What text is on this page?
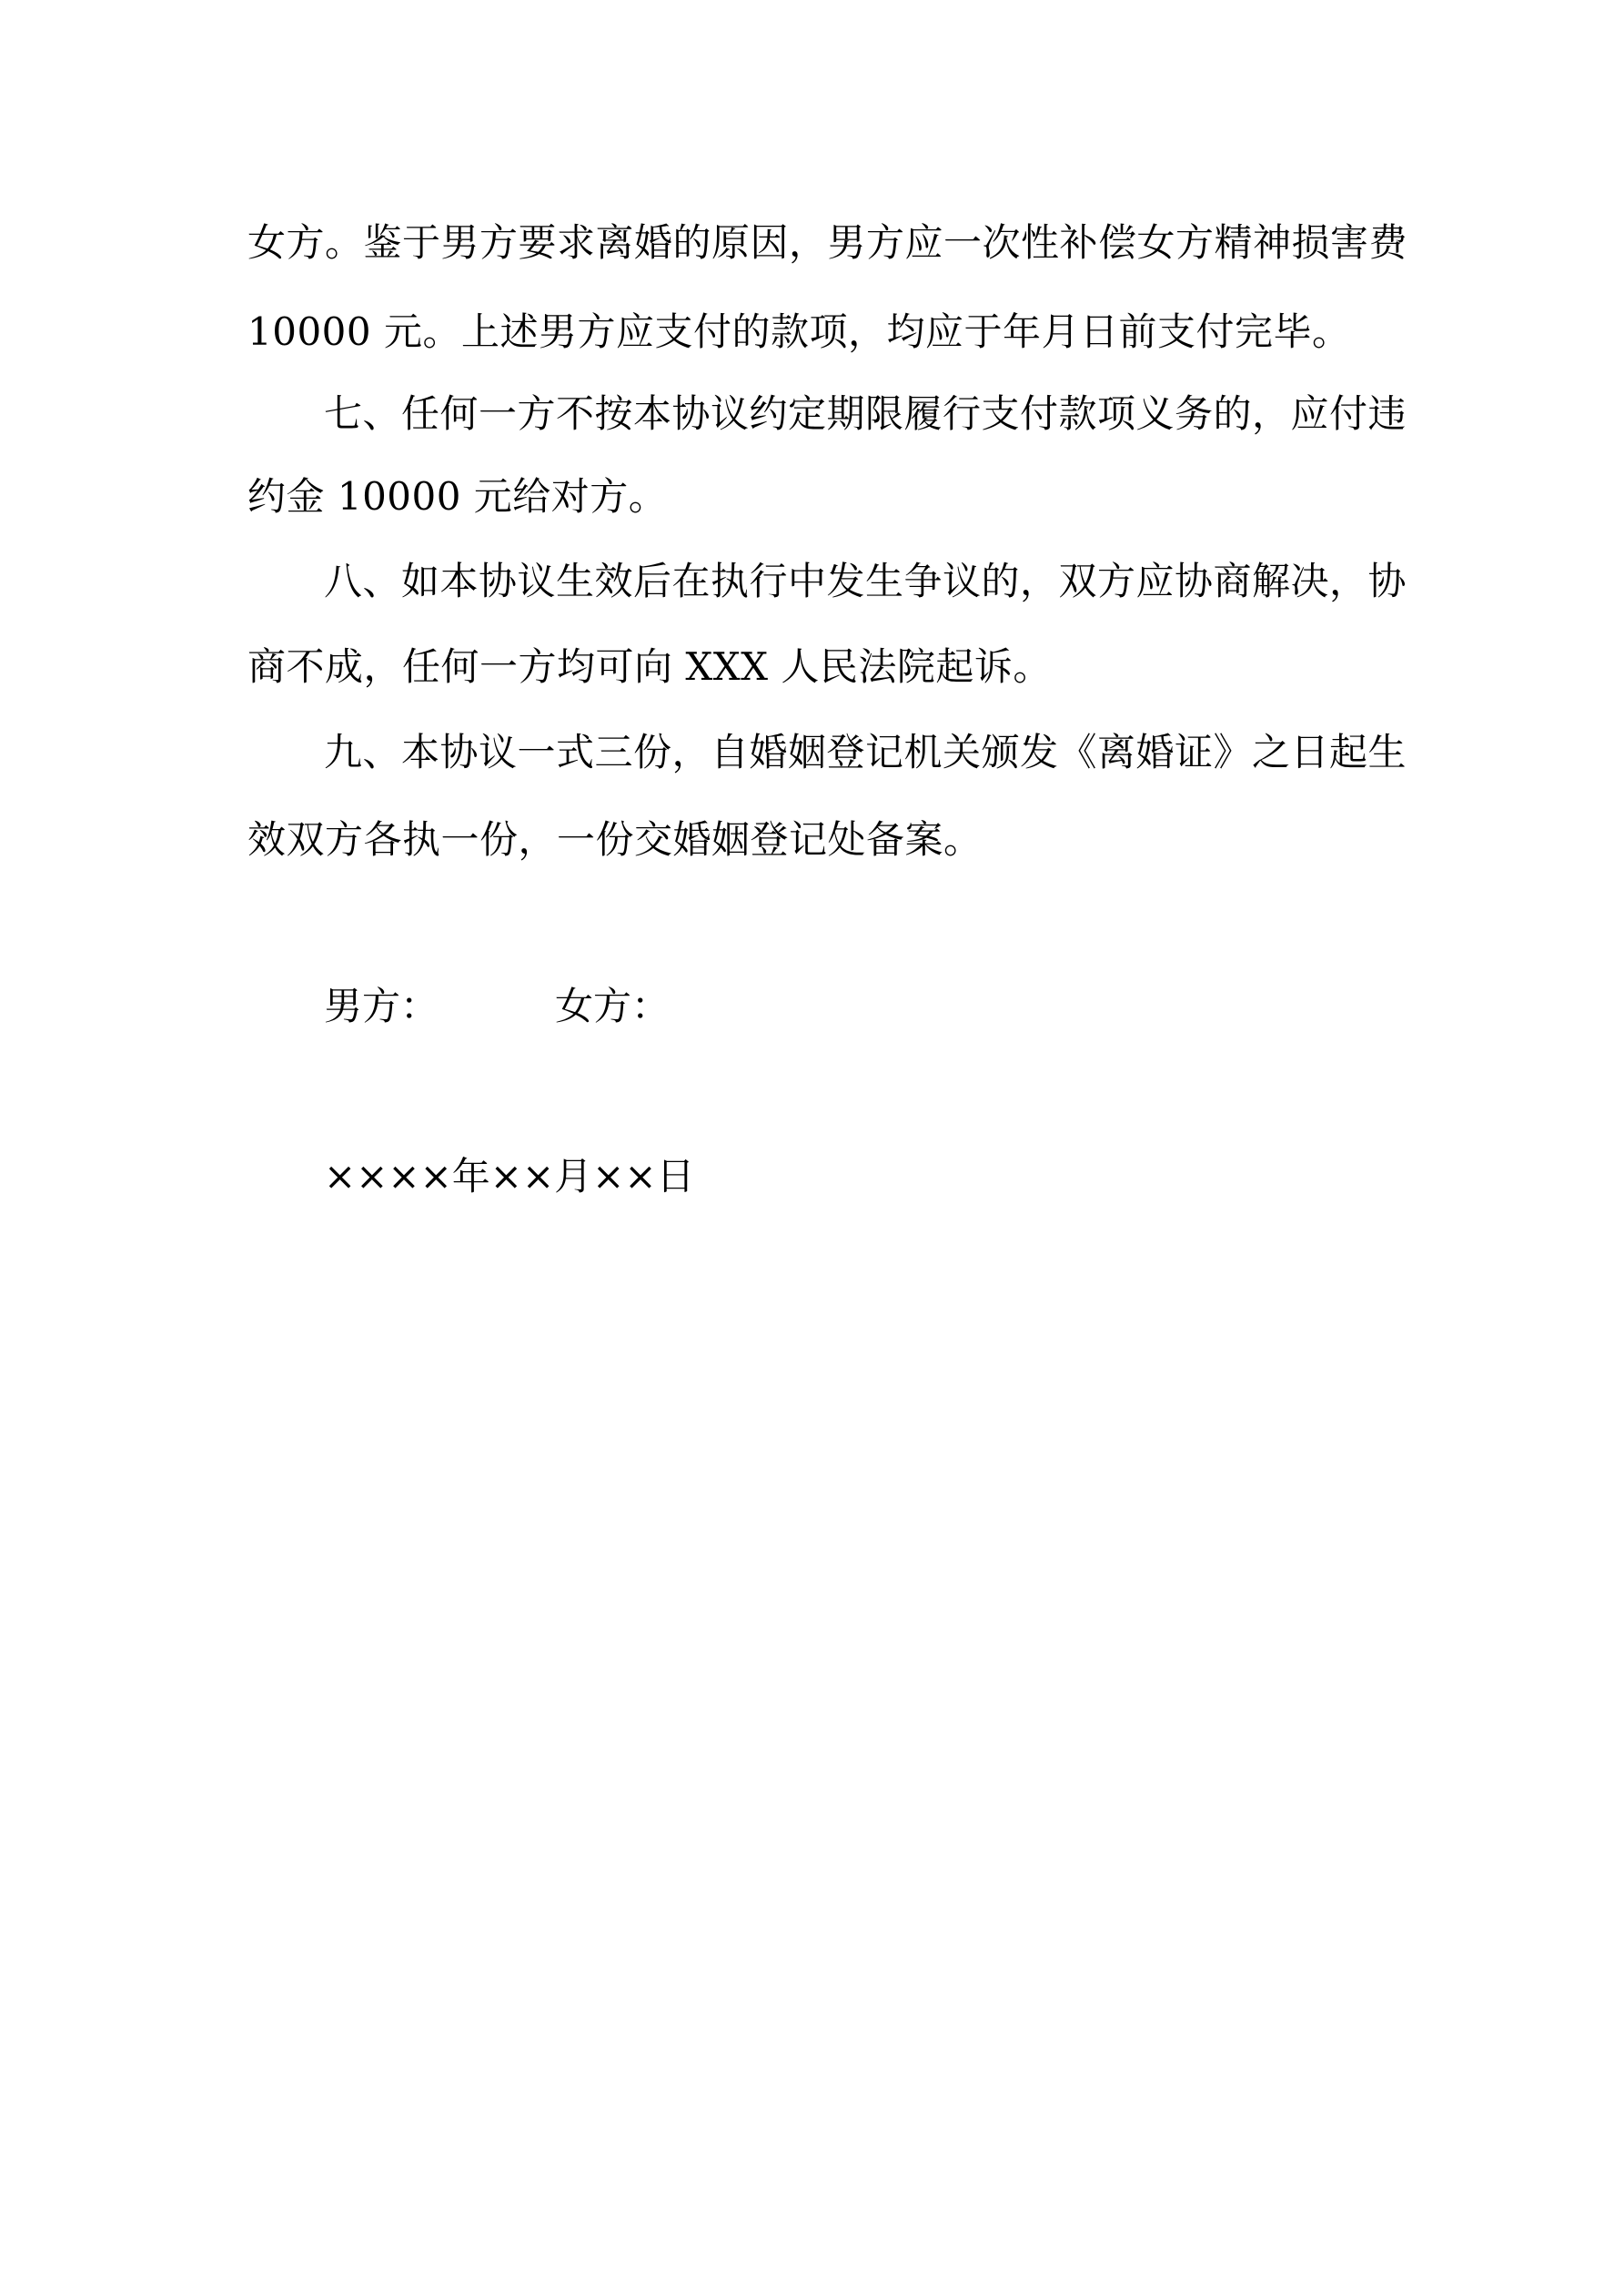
女方。鉴于男方要求离婚的原因，男方应一次性补偿女方精神损害费
10000 元。上述男方应支付的款项，均应于年月日前支付完毕。
七、任何一方不按本协议约定期限履行支付款项义务的，应付违
约金 10000 元给对方。
八、如本协议生效后在执行中发生争议的，双方应协商解决，协
商不成，任何一方均可向 XXX 人民法院起诉。
九、本协议一式三份，自婚姻登记机关颁发《离婚证》之日起生
效双方各执一份，一份交婚姻登记处备案。
男方：	女方：
××××年××月××日
